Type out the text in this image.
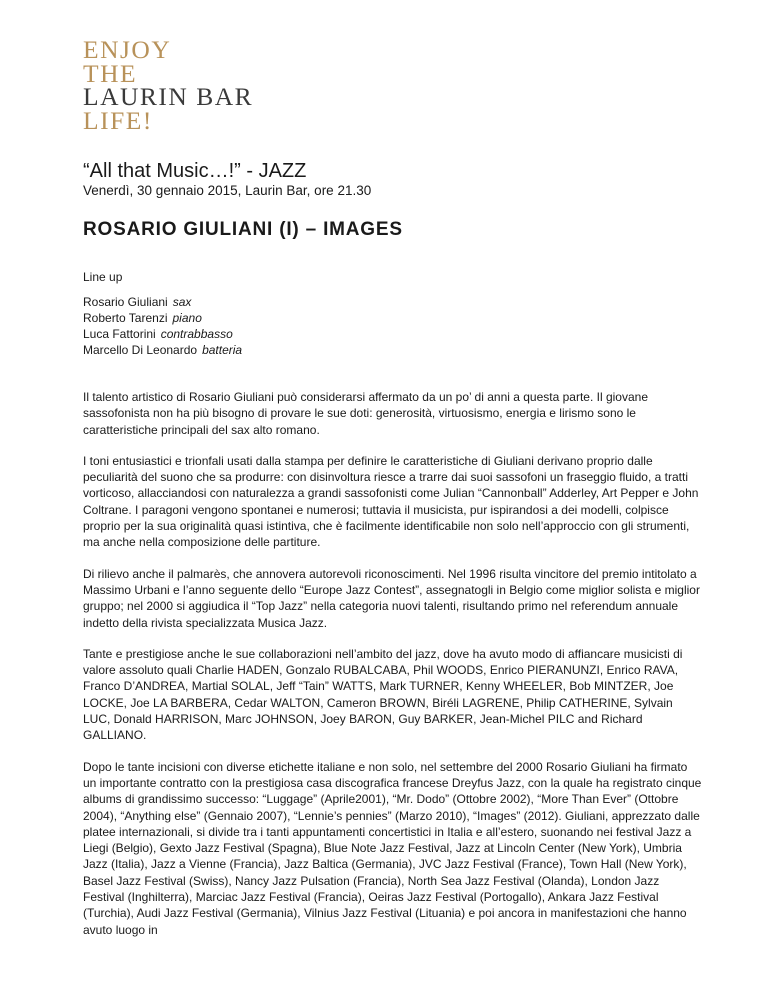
ENJOY
THE
LAURIN BAR
LIFE!
“All that Music…!” - JAZZ
Venerdì, 30 gennaio 2015, Laurin Bar, ore 21.30
ROSARIO GIULIANI (I) – IMAGES
Line up
Rosario Giuliani sax
Roberto Tarenzi piano
Luca Fattorini contrabbasso
Marcello Di Leonardo batteria

Il talento artistico di Rosario Giuliani può considerarsi affermato da un po’ di anni a questa parte. Il giovane sassofonista non ha più bisogno di provare le sue doti: generosità, virtuosismo, energia e lirismo sono le caratteristiche principali del sax alto romano.

I toni entusiastici e trionfali usati dalla stampa per definire le caratteristiche di Giuliani derivano proprio dalle peculiarità del suono che sa produrre: con disinvoltura riesce a trarre dai suoi sassofoni un fraseggio fluido, a tratti vorticoso, allacciandosi con naturalezza a grandi sassofonisti come Julian “Cannonball” Adderley, Art Pepper e John Coltrane. I paragoni vengono spontanei e numerosi; tuttavia il musicista, pur ispirandosi a dei modelli, colpisce proprio per la sua originalità quasi istintiva, che è facilmente identificabile non solo nell’approccio con gli strumenti, ma anche nella composizione delle partiture.

Di rilievo anche il palmarès, che annovera autorevoli riconoscimenti. Nel 1996 risulta vincitore del premio intitolato a Massimo Urbani e l’anno seguente dello “Europe Jazz Contest”, assegnatogli in Belgio come miglior solista e miglior gruppo; nel 2000 si aggiudica il “Top Jazz” nella categoria nuovi talenti, risultando primo nel referendum annuale indetto della rivista specializzata Musica Jazz.

Tante e prestigiose anche le sue collaborazioni nell’ambito del jazz, dove ha avuto modo di affiancare musicisti di valore assoluto quali Charlie HADEN, Gonzalo RUBALCABA, Phil WOODS, Enrico PIERANUNZI, Enrico RAVA, Franco D’ANDREA, Martial SOLAL, Jeff “Tain” WATTS, Mark TURNER, Kenny WHEELER, Bob MINTZER, Joe LOCKE, Joe LA BARBERA, Cedar WALTON, Cameron BROWN, Biréli LAGRENE, Philip CATHERINE, Sylvain LUC, Donald HARRISON, Marc JOHNSON, Joey BARON, Guy BARKER, Jean-Michel PILC and Richard GALLIANO.

Dopo le tante incisioni con diverse etichette italiane e non solo, nel settembre del 2000 Rosario Giuliani ha firmato un importante contratto con la prestigiosa casa discografica francese Dreyfus Jazz, con la quale ha registrato cinque albums di grandissimo successo: “Luggage” (Aprile2001), “Mr. Dodo” (Ottobre 2002), “More Than Ever” (Ottobre 2004), “Anything else” (Gennaio 2007), “Lennie’s pennies” (Marzo 2010), “Images” (2012). Giuliani, apprezzato dalle platee internazionali, si divide tra i tanti appuntamenti concertistici in Italia e all’estero, suonando nei festival Jazz a Liegi (Belgio), Gexto Jazz Festival (Spagna), Blue Note Jazz Festival, Jazz at Lincoln Center (New York), Umbria Jazz (Italia), Jazz a Vienne (Francia), Jazz Baltica (Germania), JVC Jazz Festival (France), Town Hall (New York), Basel Jazz Festival (Swiss), Nancy Jazz Pulsation (Francia), North Sea Jazz Festival (Olanda), London Jazz Festival (Inghilterra), Marciac Jazz Festival (Francia), Oeiras Jazz Festival (Portogallo), Ankara Jazz Festival (Turchia), Audi Jazz Festival (Germania), Vilnius Jazz Festival (Lituania) e poi ancora in manifestazioni che hanno avuto luogo in
